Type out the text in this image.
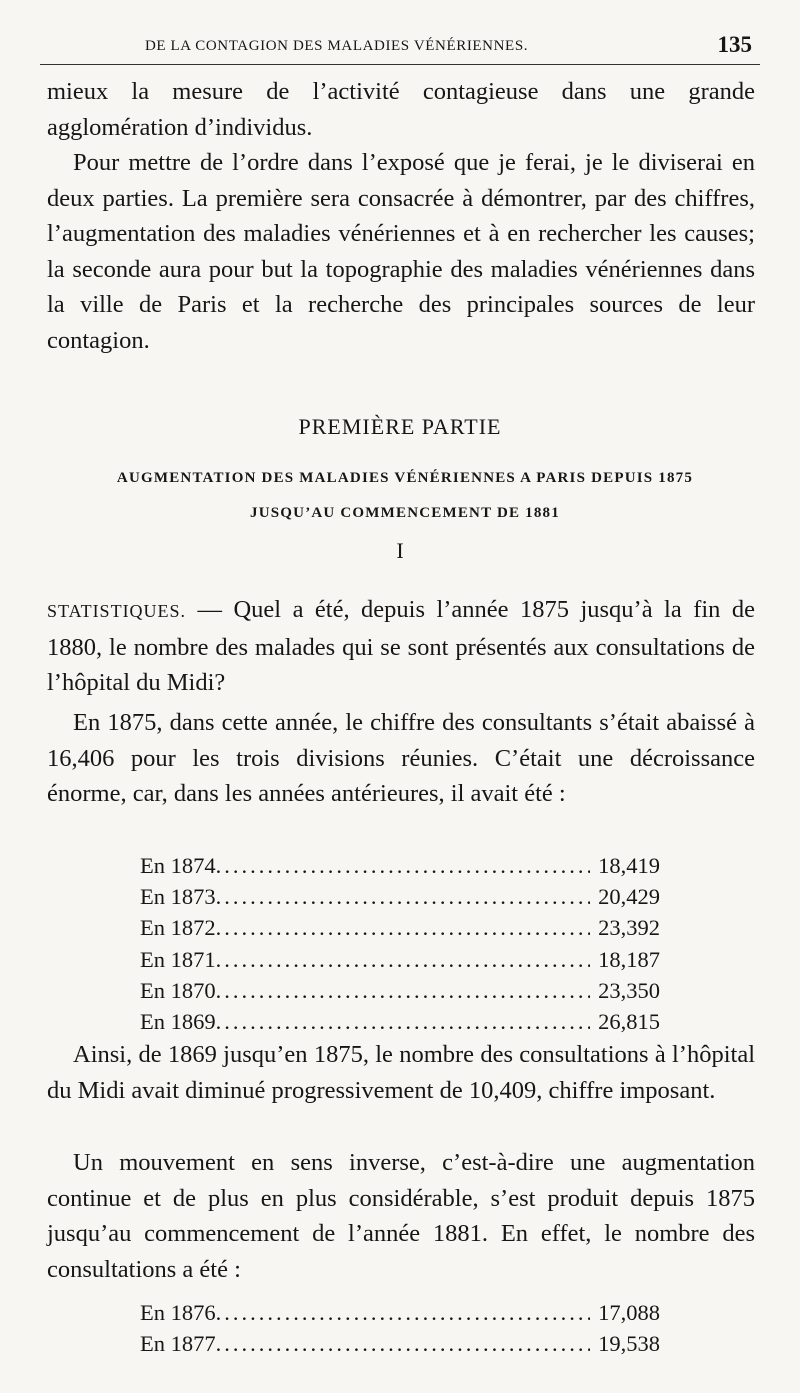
DE LA CONTAGION DES MALADIES VÉNÉRIENNES.	135

mieux la mesure de l’activité contagieuse dans une grande agglomération d’individus.

Pour mettre de l’ordre dans l’exposé que je ferai, je le diviserai en deux parties. La première sera consacrée à démontrer, par des chiffres, l’augmentation des maladies vénériennes et à en rechercher les causes; la seconde aura pour but la topographie des maladies vénériennes dans la ville de Paris et la recherche des principales sources de leur contagion.

PREMIÈRE PARTIE
AUGMENTATION DES MALADIES VÉNÉRIENNES A PARIS DEPUIS 1875
JUSQU’AU COMMENCEMENT DE 1881
I

STATISTIQUES. — Quel a été, depuis l’année 1875 jusqu’à la fin de 1880, le nombre des malades qui se sont présentés aux consultations de l’hôpital du Midi?

En 1875, dans cette année, le chiffre des consultants s’était abaissé à 16,406 pour les trois divisions réunies. C’était une décroissance énorme, car, dans les années antérieures, il avait été :

En 1874 .....	18,419
En 1873 .....	20,429
En 1872 .....	23,392
En 1871 .....	18,187
En 1870 .....	23,350
En 1869 .....	26,815

Ainsi, de 1869 jusqu’en 1875, le nombre des consultations à l’hôpital du Midi avait diminué progressivement de 10,409, chiffre imposant.

Un mouvement en sens inverse, c’est-à-dire une augmentation continue et de plus en plus considérable, s’est produit depuis 1875 jusqu’au commencement de l’année 1881. En effet, le nombre des consultations a été :

En 1876 .....	17,088
En 1877 .....	19,538
